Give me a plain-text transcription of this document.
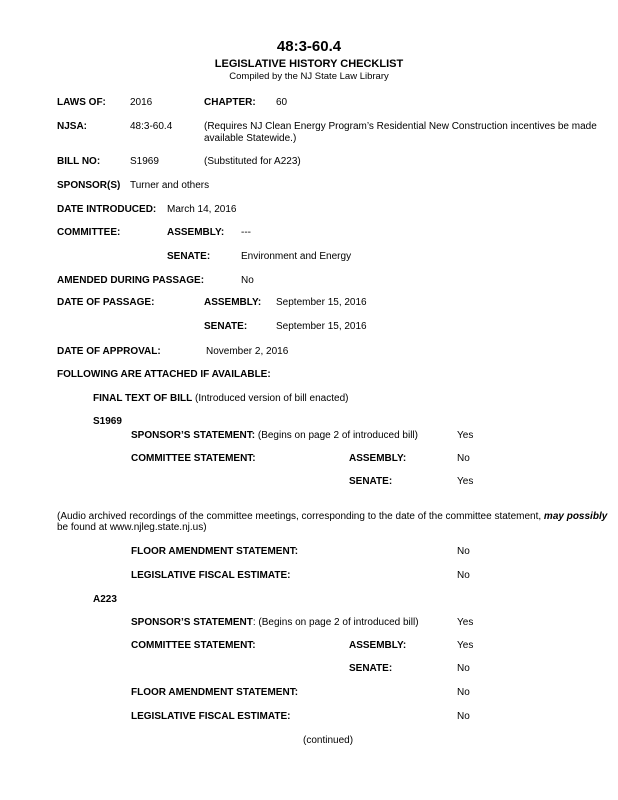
48:3-60.4
LEGISLATIVE HISTORY CHECKLIST
Compiled by the NJ State Law Library
LAWS OF: 2016	CHAPTER: 60
NJSA:	48:3-60.4	(Requires NJ Clean Energy Program’s Residential New Construction incentives be made
available Statewide.)
BILL NO:	S1969	(Substituted for A223)
SPONSOR(S) Turner and others
DATE INTRODUCED: March 14, 2016
COMMITTEE:	ASSEMBLY: ---
SENATE:	Environment and Energy
AMENDED DURING PASSAGE:	No
DATE OF PASSAGE:	ASSEMBLY: September 15, 2016
SENATE:	September 15, 2016
DATE OF APPROVAL:	November 2, 2016
FOLLOWING ARE ATTACHED IF AVAILABLE:
FINAL TEXT OF BILL (Introduced version of bill enacted)
S1969
SPONSOR’S STATEMENT: (Begins on page 2 of introduced bill)	Yes
COMMITTEE STATEMENT:	ASSEMBLY:	No
SENATE:	Yes
(Audio archived recordings of the committee meetings, corresponding to the date of the committee statement, may possibly
be found at www.njleg.state.nj.us)
FLOOR AMENDMENT STATEMENT:	No
LEGISLATIVE FISCAL ESTIMATE:	No
A223
SPONSOR’S STATEMENT: (Begins on page 2 of introduced bill)	Yes
COMMITTEE STATEMENT:	ASSEMBLY:	Yes
SENATE:	No
FLOOR AMENDMENT STATEMENT:	No
LEGISLATIVE FISCAL ESTIMATE:	No
(continued)
